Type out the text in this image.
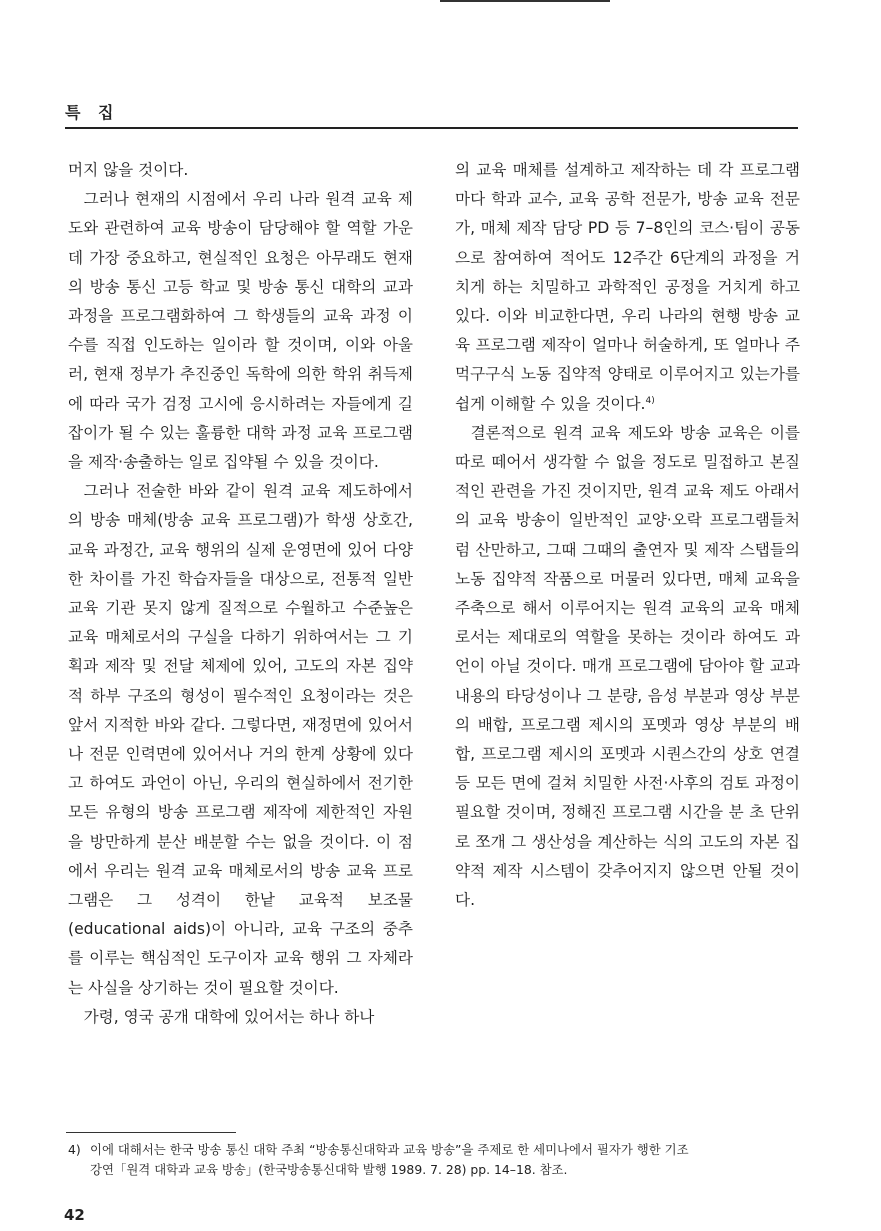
특 집

머지 않을 것이다.

그러나 현재의 시점에서 우리 나라 원격 교육 제도와 관련하여 교육 방송이 담당해야 할 역할 가운데 가장 중요하고, 현실적인 요청은 아무래도 현재의 방송 통신 고등 학교 및 방송 통신 대학의 교과 과정을 프로그램화하여 그 학생들의 교육 과정 이수를 직접 인도하는 일이라 할 것이며, 이와 아울러, 현재 정부가 추진중인 독학에 의한 학위 취득제에 따라 국가 검정 고시에 응시하려는 자들에게 길잡이가 될 수 있는 훌륭한 대학 과정 교육 프로그램을 제작·송출하는 일로 집약될 수 있을 것이다.

그러나 전술한 바와 같이 원격 교육 제도하에서의 방송 매체(방송 교육 프로그램)가 학생 상호간, 교육 과정간, 교육 행위의 실제 운영면에 있어 다양한 차이를 가진 학습자들을 대상으로, 전통적 일반 교육 기관 못지 않게 질적으로 수월하고 수준높은 교육 매체로서의 구실을 다하기 위하여서는 그 기획과 제작 및 전달 체제에 있어, 고도의 자본 집약적 하부 구조의 형성이 필수적인 요청이라는 것은 앞서 지적한 바와 같다. 그렇다면, 재정면에 있어서나 전문 인력면에 있어서나 거의 한계 상황에 있다고 하여도 과언이 아닌, 우리의 현실하에서 전기한 모든 유형의 방송 프로그램 제작에 제한적인 자원을 방만하게 분산 배분할 수는 없을 것이다. 이 점에서 우리는 원격 교육 매체로서의 방송 교육 프로그램은 그 성격이 한낱 교육적 보조물(educational aids)이 아니라, 교육 구조의 중추를 이루는 핵심적인 도구이자 교육 행위 그 자체라는 사실을 상기하는 것이 필요할 것이다.

가령, 영국 공개 대학에 있어서는 하나 하나

의 교육 매체를 설계하고 제작하는 데 각 프로그램마다 학과 교수, 교육 공학 전문가, 방송 교육 전문가, 매체 제작 담당 PD 등 7–8인의 코스·팀이 공동으로 참여하여 적어도 12주간 6단계의 과정을 거치게 하는 치밀하고 과학적인 공정을 거치게 하고 있다. 이와 비교한다면, 우리 나라의 현행 방송 교육 프로그램 제작이 얼마나 허술하게, 또 얼마나 주먹구구식 노동 집약적 양태로 이루어지고 있는가를 쉽게 이해할 수 있을 것이다.$^{4)}$

결론적으로 원격 교육 제도와 방송 교육은 이를 따로 떼어서 생각할 수 없을 정도로 밀접하고 본질적인 관련을 가진 것이지만, 원격 교육 제도 아래서의 교육 방송이 일반적인 교양·오락 프로그램들처럼 산만하고, 그때 그때의 출연자 및 제작 스탭들의 노동 집약적 작품으로 머물러 있다면, 매체 교육을 주축으로 해서 이루어지는 원격 교육의 교육 매체로서는 제대로의 역할을 못하는 것이라 하여도 과언이 아닐 것이다. 매개 프로그램에 담아야 할 교과 내용의 타당성이나 그 분량, 음성 부분과 영상 부분의 배합, 프로그램 제시의 포멧과 영상 부분의 배합, 프로그램 제시의 포멧과 시퀀스간의 상호 연결 등 모든 면에 걸쳐 치밀한 사전·사후의 검토 과정이 필요할 것이며, 정해진 프로그램 시간을 분 초 단위로 쪼개 그 생산성을 계산하는 식의 고도의 자본 집약적 제작 시스템이 갖추어지지 않으면 안될 것이다.

4) 이에 대해서는 한국 방송 통신 대학 주최 “방송통신대학과 교육 방송”을 주제로 한 세미나에서 필자가 행한 기조
강연「원격 대학과 교육 방송」(한국방송통신대학 발행 1989. 7. 28) pp. 14–18. 참조.
42
